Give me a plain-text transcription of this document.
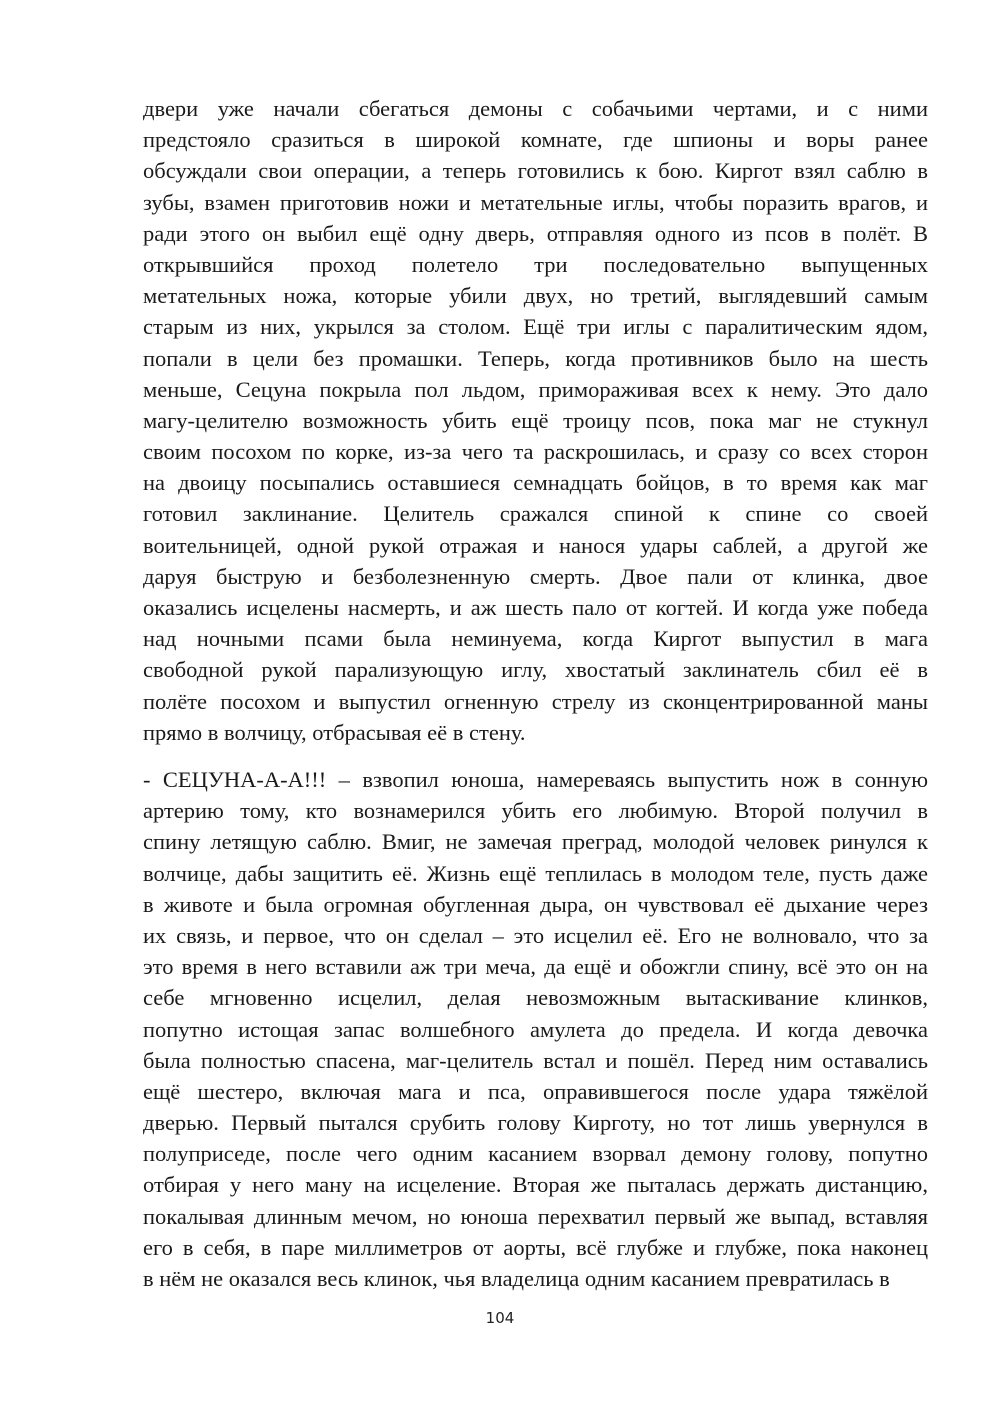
двери уже начали сбегаться демоны с собачьими чертами, и с ними
предстояло сразиться в широкой комнате, где шпионы и воры ранее
обсуждали свои операции, а теперь готовились к бою. Киргот взял саблю в
зубы, взамен приготовив ножи и метательные иглы, чтобы поразить врагов, и
ради этого он выбил ещё одну дверь, отправляя одного из псов в полёт. В
открывшийся проход полетело три последовательно выпущенных
метательных ножа, которые убили двух, но третий, выглядевший самым
старым из них, укрылся за столом. Ещё три иглы с паралитическим ядом,
попали в цели без промашки. Теперь, когда противников было на шесть
меньше, Сецуна покрыла пол льдом, примораживая всех к нему. Это дало
магу-целителю возможность убить ещё троицу псов, пока маг не стукнул
своим посохом по корке, из-за чего та раскрошилась, и сразу со всех сторон
на двоицу посыпались оставшиеся семнадцать бойцов, в то время как маг
готовил заклинание. Целитель сражался спиной к спине со своей
воительницей, одной рукой отражая и нанося удары саблей, а другой же
даруя быструю и безболезненную смерть. Двое пали от клинка, двое
оказались исцелены насмерть, и аж шесть пало от когтей. И когда уже победа
над ночными псами была неминуема, когда Киргот выпустил в мага
свободной рукой парализующую иглу, хвостатый заклинатель сбил её в
полёте посохом и выпустил огненную стрелу из сконцентрированной маны
прямо в волчицу, отбрасывая её в стену.
- СЕЦУНА-А-А!!! – взвопил юноша, намереваясь выпустить нож в сонную
артерию тому, кто вознамерился убить его любимую. Второй получил в
спину летящую саблю. Вмиг, не замечая преград, молодой человек ринулся к
волчице, дабы защитить её. Жизнь ещё теплилась в молодом теле, пусть даже
в животе и была огромная обугленная дыра, он чувствовал её дыхание через
их связь, и первое, что он сделал – это исцелил её. Его не волновало, что за
это время в него вставили аж три меча, да ещё и обожгли спину, всё это он на
себе мгновенно исцелил, делая невозможным вытаскивание клинков,
попутно истощая запас волшебного амулета до предела. И когда девочка
была полностью спасена, маг-целитель встал и пошёл. Перед ним оставались
ещё шестеро, включая мага и пса, оправившегося после удара тяжёлой
дверью. Первый пытался срубить голову Кирготу, но тот лишь увернулся в
полуприседе, после чего одним касанием взорвал демону голову, попутно
отбирая у него ману на исцеление. Вторая же пыталась держать дистанцию,
покалывая длинным мечом, но юноша перехватил первый же выпад, вставляя
его в себя, в паре миллиметров от аорты, всё глубже и глубже, пока наконец
в нём не оказался весь клинок, чья владелица одним касанием превратилась в
104
